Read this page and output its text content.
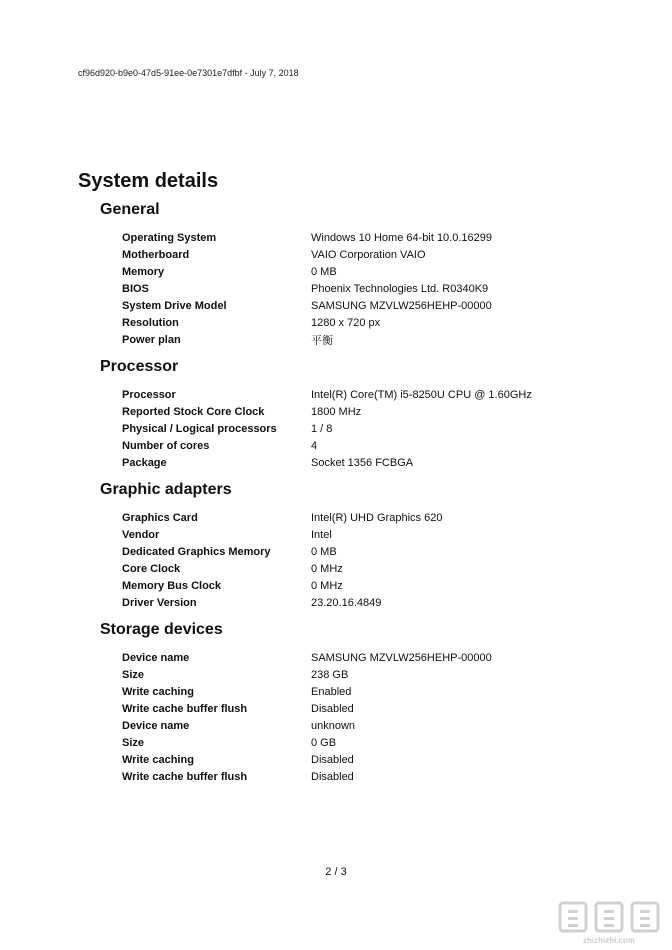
cf96d920-b9e0-47d5-91ee-0e7301e7dfbf - July 7, 2018
System details
General
Operating System	Windows 10 Home 64-bit 10.0.16299
Motherboard	VAIO Corporation VAIO
Memory	0 MB
BIOS	Phoenix Technologies Ltd. R0340K9
System Drive Model	SAMSUNG MZVLW256HEHP-00000
Resolution	1280 x 720 px
Power plan	平衡
Processor
Processor	Intel(R) Core(TM) i5-8250U CPU @ 1.60GHz
Reported Stock Core Clock	1800 MHz
Physical / Logical processors	1 / 8
Number of cores	4
Package	Socket 1356 FCBGA
Graphic adapters
Graphics Card	Intel(R) UHD Graphics 620
Vendor	Intel
Dedicated Graphics Memory	0 MB
Core Clock	0 MHz
Memory Bus Clock	0 MHz
Driver Version	23.20.16.4849
Storage devices
Device name	SAMSUNG MZVLW256HEHP-00000
Size	238 GB
Write caching	Enabled
Write cache buffer flush	Disabled
Device name	unknown
Size	0 GB
Write caching	Disabled
Write cache buffer flush	Disabled
2 / 3
zhizhizhi.com
